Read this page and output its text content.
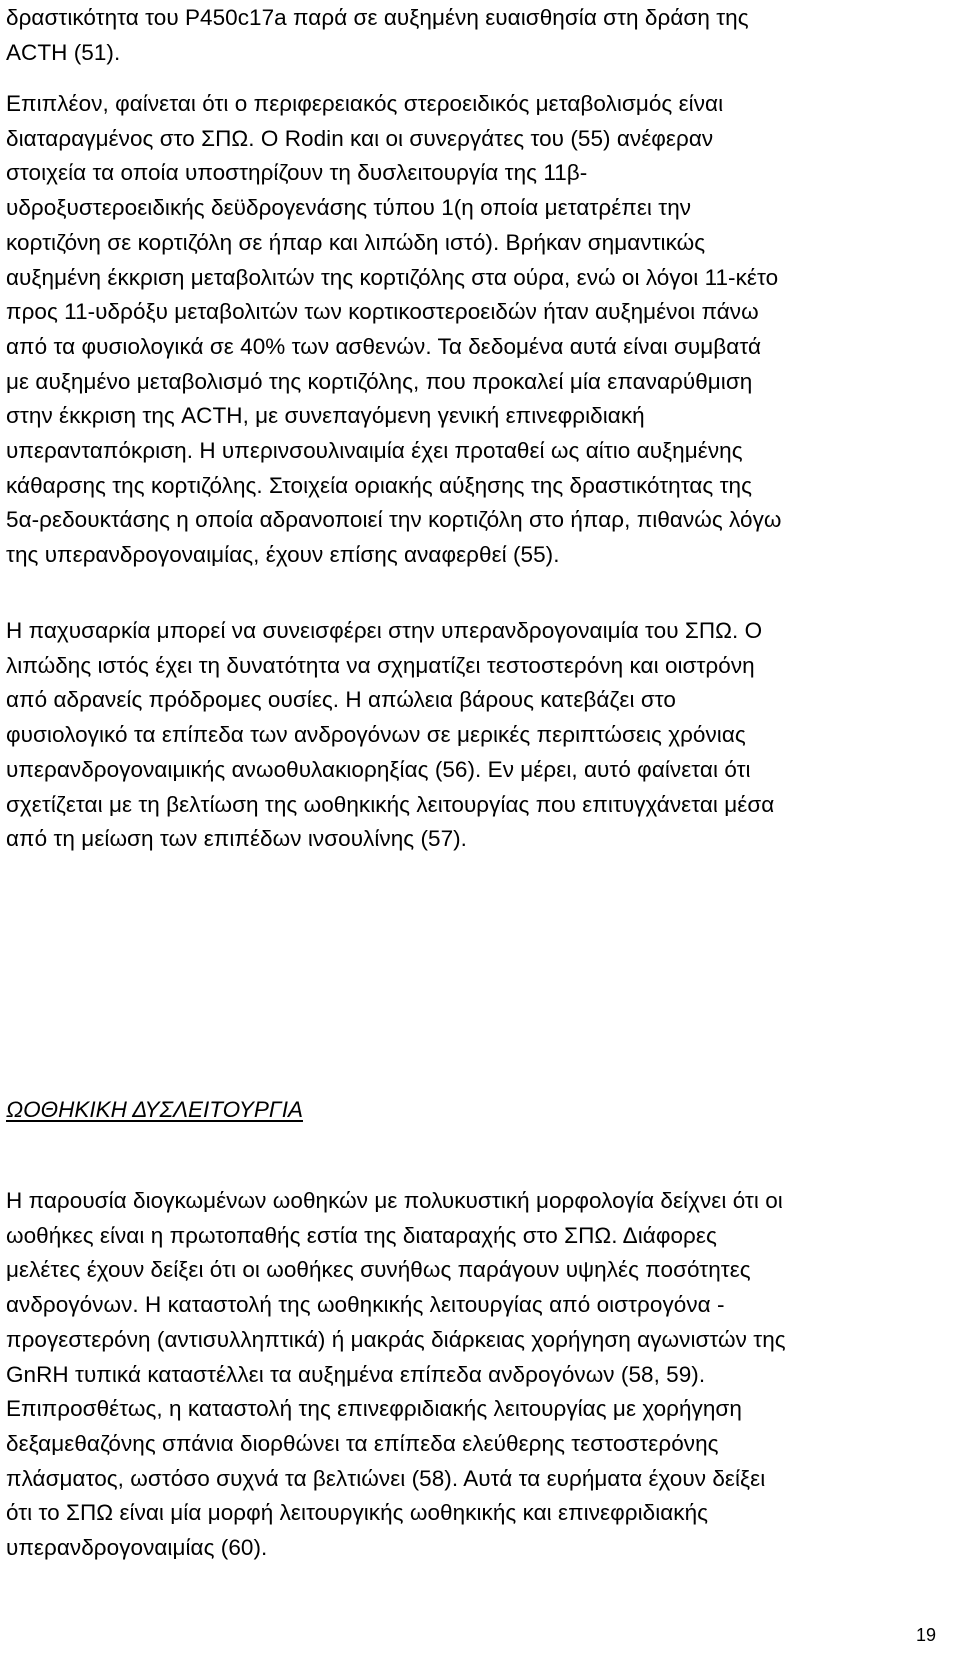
δραστικότητα του P450c17a παρά σε αυξημένη ευαισθησία στη δράση της
ACTH (51).

Επιπλέον, φαίνεται ότι ο περιφερειακός στεροειδικός μεταβολισμός είναι
διαταραγμένος στο ΣΠΩ. Ο Rodin και οι συνεργάτες του (55) ανέφεραν
στοιχεία τα οποία υποστηρίζουν τη δυσλειτουργία της 11β-
υδροξυστεροειδικής δεϋδρογενάσης τύπου 1(η οποία μετατρέπει την
κορτιζόνη σε κορτιζόλη σε ήπαρ και λιπώδη ιστό). Βρήκαν σημαντικώς
αυξημένη έκκριση μεταβολιτών της κορτιζόλης στα ούρα, ενώ οι λόγοι 11-κέτο
προς 11-υδρόξυ μεταβολιτών των κορτικοστεροειδών ήταν αυξημένοι πάνω
από τα φυσιολογικά σε 40% των ασθενών. Τα δεδομένα αυτά είναι συμβατά
με αυξημένο μεταβολισμό της κορτιζόλης, που προκαλεί μία επαναρύθμιση
στην έκκριση της ACTH, με συνεπαγόμενη γενική επινεφριδιακή
υπερανταπόκριση. Η υπερινσουλιναιμία έχει προταθεί ως αίτιο αυξημένης
κάθαρσης της κορτιζόλης. Στοιχεία οριακής αύξησης της δραστικότητας της
5α-ρεδουκτάσης η οποία αδρανοποιεί την κορτιζόλη στο ήπαρ, πιθανώς λόγω
της υπερανδρογοναιμίας, έχουν επίσης αναφερθεί (55).

Η παχυσαρκία μπορεί να συνεισφέρει στην υπερανδρογοναιμία του ΣΠΩ. Ο
λιπώδης ιστός έχει τη δυνατότητα να σχηματίζει τεστοστερόνη και οιστρόνη
από αδρανείς πρόδρομες ουσίες. Η απώλεια βάρους κατεβάζει στο
φυσιολογικό τα επίπεδα των ανδρογόνων σε μερικές περιπτώσεις χρόνιας
υπερανδρογοναιμικής ανωοθυλακιορηξίας (56). Εν μέρει, αυτό φαίνεται ότι
σχετίζεται με τη βελτίωση της ωοθηκικής λειτουργίας που επιτυγχάνεται μέσα
από τη μείωση των επιπέδων ινσουλίνης (57).

ΩΟΘΗΚΙΚΗ ΔΥΣΛΕΙΤΟΥΡΓΙΑ

Η παρουσία διογκωμένων ωοθηκών με πολυκυστική μορφολογία δείχνει ότι οι
ωοθήκες είναι η πρωτοπαθής εστία της διαταραχής στο ΣΠΩ. Διάφορες
μελέτες έχουν δείξει ότι οι ωοθήκες συνήθως παράγουν υψηλές ποσότητες
ανδρογόνων. Η καταστολή της ωοθηκικής λειτουργίας από οιστρογόνα -
προγεστερόνη (αντισυλληπτικά) ή μακράς διάρκειας χορήγηση αγωνιστών της
GnRH τυπικά καταστέλλει τα αυξημένα επίπεδα ανδρογόνων (58, 59).
Επιπροσθέτως, η καταστολή της επινεφριδιακής λειτουργίας με χορήγηση
δεξαμεθαζόνης σπάνια διορθώνει τα επίπεδα ελεύθερης τεστοστερόνης
πλάσματος, ωστόσο συχνά τα βελτιώνει (58). Αυτά τα ευρήματα έχουν δείξει
ότι το ΣΠΩ είναι μία μορφή λειτουργικής ωοθηκικής και επινεφριδιακής
υπερανδρογοναιμίας (60).

19
